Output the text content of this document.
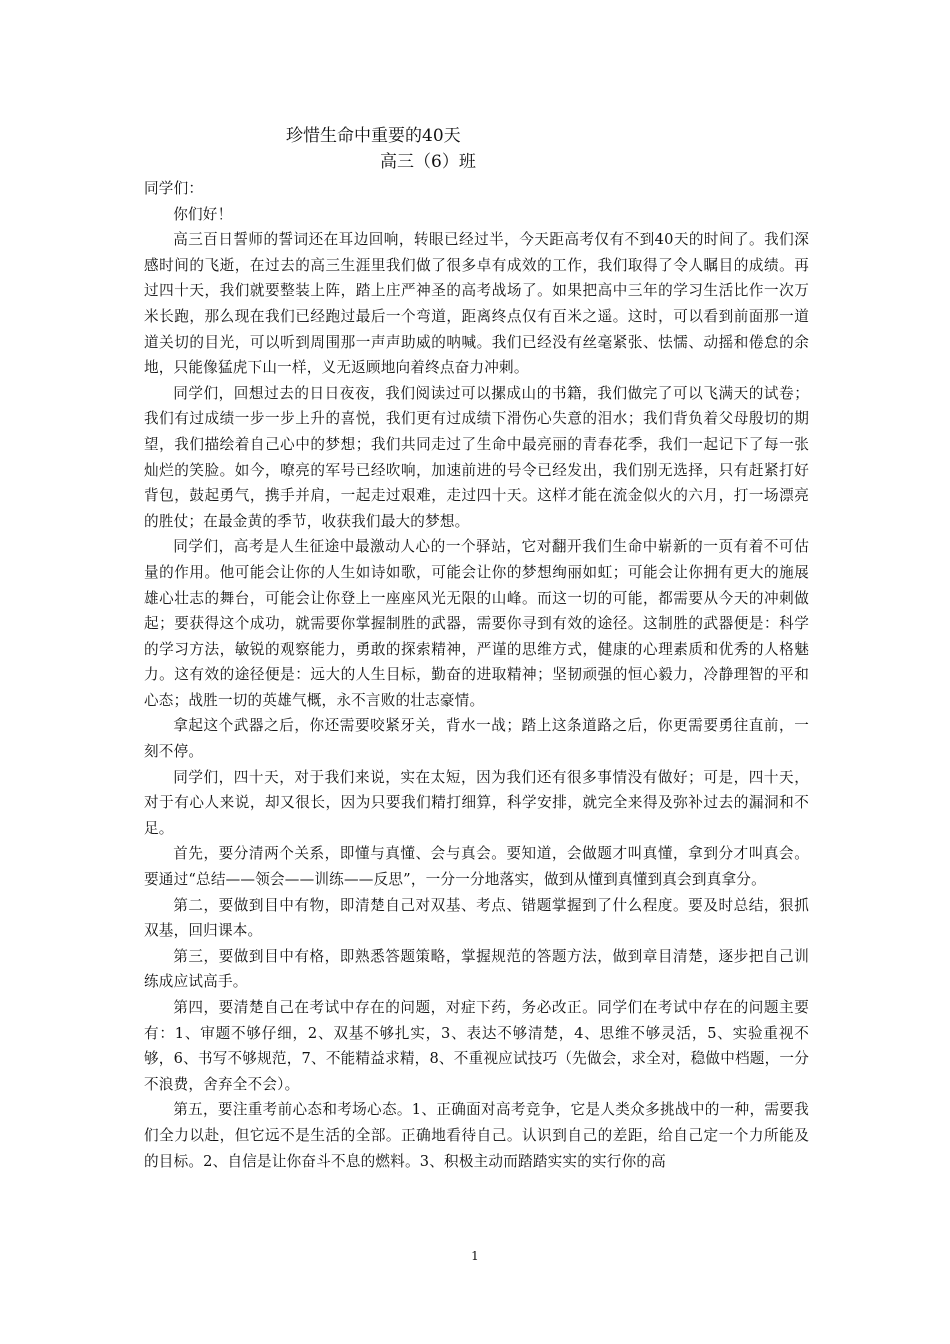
珍惜生命中重要的40天
高三（6）班

同学们：

你们好！

高三百日誓师的誓词还在耳边回响，转眼已经过半，今天距高考仅有不到40天的时间了。我们深感时间的飞逝，在过去的高三生涯里我们做了很多卓有成效的工作，我们取得了令人瞩目的成绩。再过四十天，我们就要整装上阵，踏上庄严神圣的高考战场了。如果把高中三年的学习生活比作一次万米长跑，那么现在我们已经跑过最后一个弯道，距离终点仅有百米之遥。这时，可以看到前面那一道道关切的目光，可以听到周围那一声声助威的呐喊。我们已经没有丝毫紧张、怯懦、动摇和倦怠的余地，只能像猛虎下山一样，义无返顾地向着终点奋力冲刺。

同学们，回想过去的日日夜夜，我们阅读过可以摞成山的书籍，我们做完了可以飞满天的试卷；我们有过成绩一步一步上升的喜悦，我们更有过成绩下滑伤心失意的泪水；我们背负着父母殷切的期望，我们描绘着自己心中的梦想；我们共同走过了生命中最亮丽的青春花季，我们一起记下了每一张灿烂的笑脸。如今，嘹亮的军号已经吹响，加速前进的号令已经发出，我们别无选择，只有赶紧打好背包，鼓起勇气，携手并肩，一起走过艰难，走过四十天。这样才能在流金似火的六月，打一场漂亮的胜仗；在最金黄的季节，收获我们最大的梦想。

同学们，高考是人生征途中最激动人心的一个驿站，它对翻开我们生命中崭新的一页有着不可估量的作用。他可能会让你的人生如诗如歌，可能会让你的梦想绚丽如虹；可能会让你拥有更大的施展雄心壮志的舞台，可能会让你登上一座座风光无限的山峰。而这一切的可能，都需要从今天的冲刺做起；要获得这个成功，就需要你掌握制胜的武器，需要你寻到有效的途径。这制胜的武器便是：科学的学习方法，敏锐的观察能力，勇敢的探索精神，严谨的思维方式，健康的心理素质和优秀的人格魅力。这有效的途径便是：远大的人生目标，勤奋的进取精神；坚韧顽强的恒心毅力，冷静理智的平和心态；战胜一切的英雄气概，永不言败的壮志豪情。

拿起这个武器之后，你还需要咬紧牙关，背水一战；踏上这条道路之后，你更需要勇往直前，一刻不停。

同学们，四十天，对于我们来说，实在太短，因为我们还有很多事情没有做好；可是，四十天，对于有心人来说，却又很长，因为只要我们精打细算，科学安排，就完全来得及弥补过去的漏洞和不足。

首先，要分清两个关系，即懂与真懂、会与真会。要知道，会做题才叫真懂，拿到分才叫真会。要通过“总结——领会——训练——反思”，一分一分地落实，做到从懂到真懂到真会到真拿分。

第二，要做到目中有物，即清楚自己对双基、考点、错题掌握到了什么程度。要及时总结，狠抓双基，回归课本。

第三，要做到目中有格，即熟悉答题策略，掌握规范的答题方法，做到章目清楚，逐步把自己训练成应试高手。

第四，要清楚自己在考试中存在的问题，对症下药，务必改正。同学们在考试中存在的问题主要有：1、审题不够仔细，2、双基不够扎实，3、表达不够清楚，4、思维不够灵活，5、实验重视不够，6、书写不够规范，7、不能精益求精，8、不重视应试技巧（先做会，求全对，稳做中档题，一分不浪费，舍弃全不会）。

第五，要注重考前心态和考场心态。1、正确面对高考竞争，它是人类众多挑战中的一种，需要我们全力以赴，但它远不是生活的全部。正确地看待自己。认识到自己的差距，给自己定一个力所能及的目标。2、自信是让你奋斗不息的燃料。3、积极主动而踏踏实实的实行你的高

1
